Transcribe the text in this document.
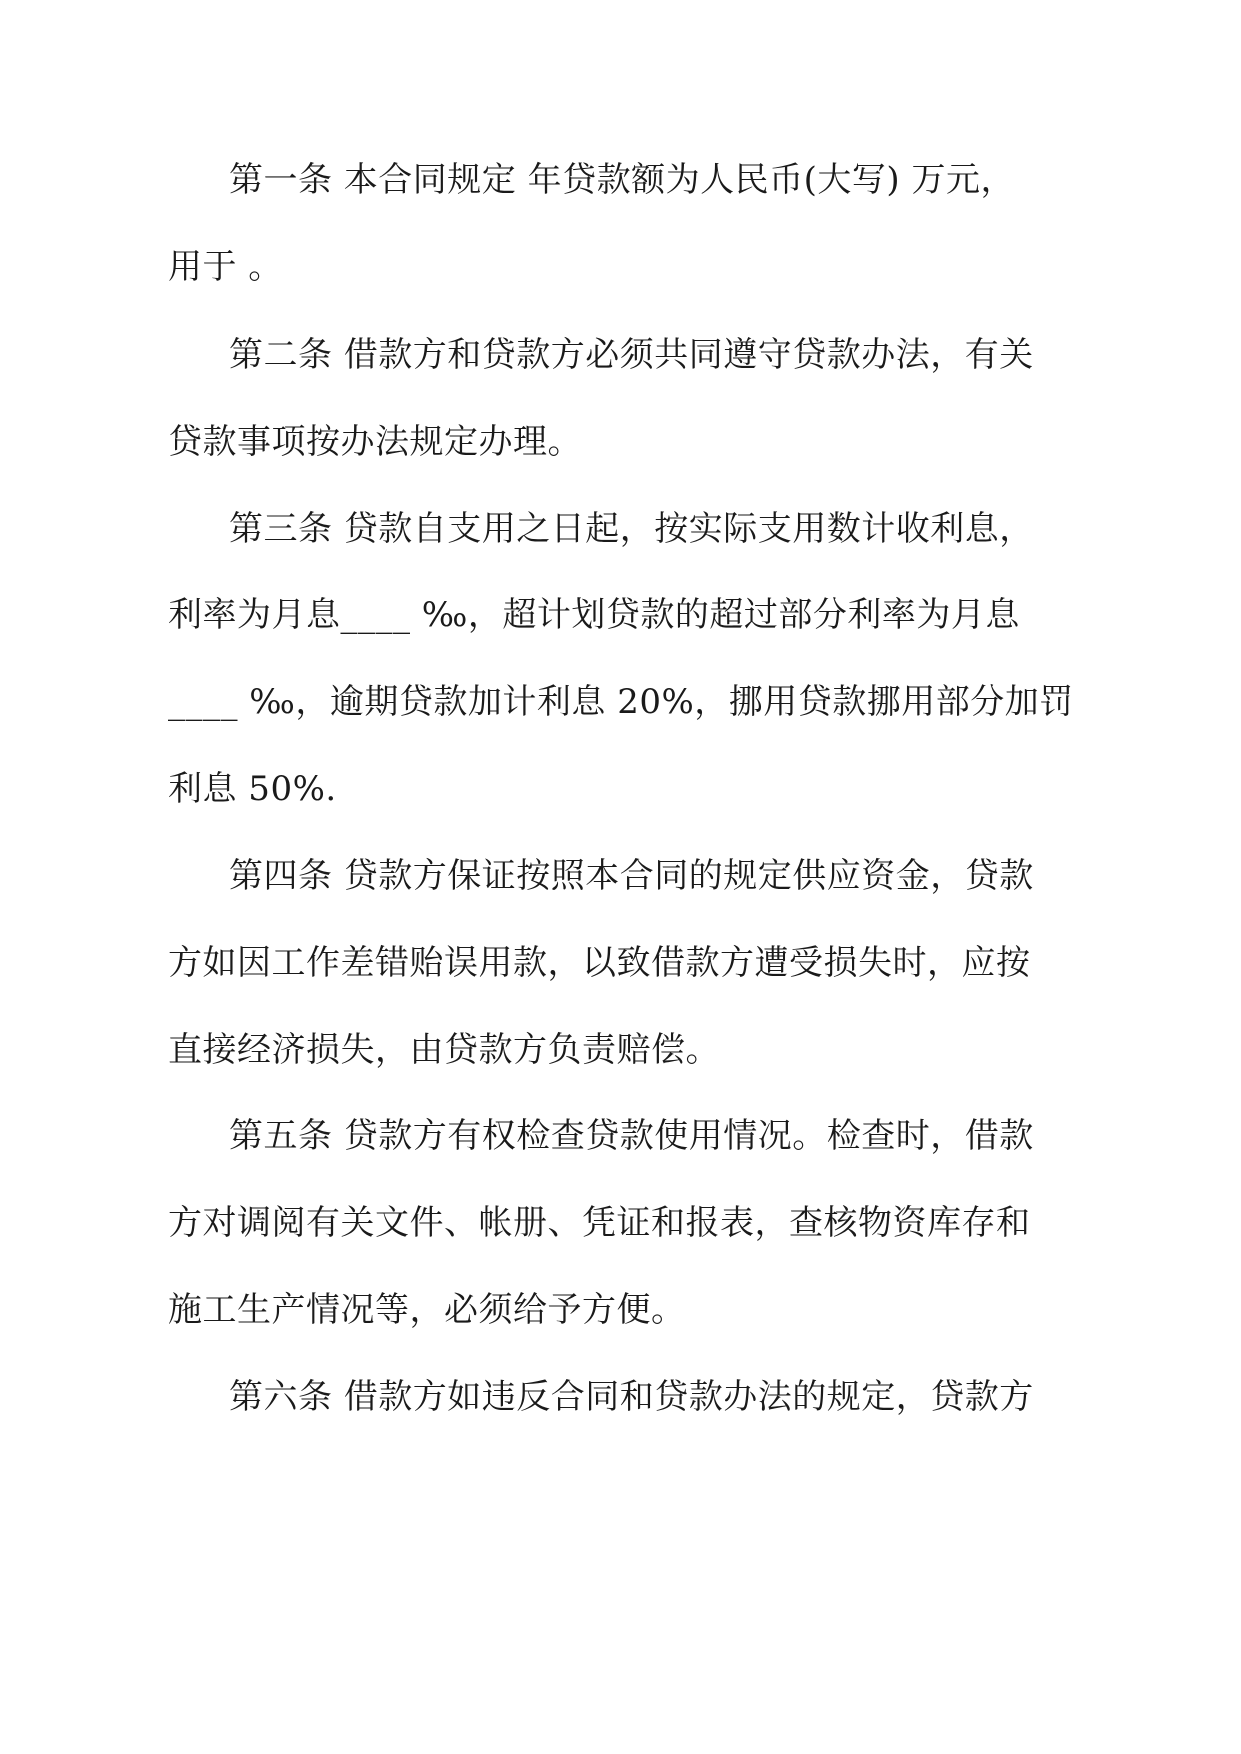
第一条 本合同规定 年贷款额为人民币(大写) 万元，

用于 。

第二条 借款方和贷款方必须共同遵守贷款办法，有关

贷款事项按办法规定办理。

第三条 贷款自支用之日起，按实际支用数计收利息，

利率为月息____ ‰，超计划贷款的超过部分利率为月息

____ ‰，逾期贷款加计利息 20%，挪用贷款挪用部分加罚

利息 50%.

第四条 贷款方保证按照本合同的规定供应资金，贷款

方如因工作差错贻误用款，以致借款方遭受损失时，应按

直接经济损失，由贷款方负责赔偿。

第五条 贷款方有权检查贷款使用情况。检查时，借款

方对调阅有关文件、帐册、凭证和报表，查核物资库存和

施工生产情况等，必须给予方便。

第六条 借款方如违反合同和贷款办法的规定，贷款方
